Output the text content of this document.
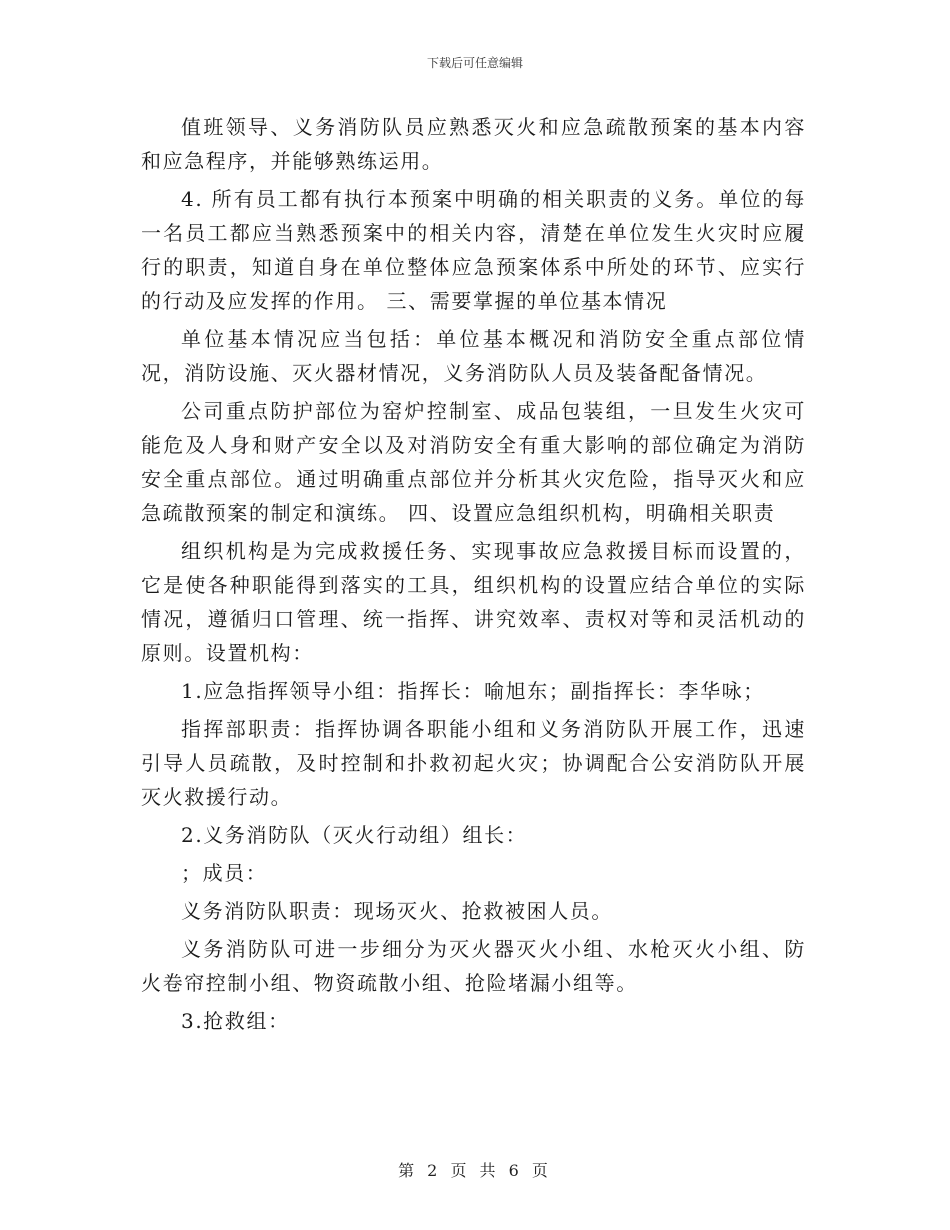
下载后可任意编辑

值班领导、义务消防队员应熟悉灭火和应急疏散预案的基本内容和应急程序，并能够熟练运用。

4. 所有员工都有执行本预案中明确的相关职责的义务。单位的每一名员工都应当熟悉预案中的相关内容，清楚在单位发生火灾时应履行的职责，知道自身在单位整体应急预案体系中所处的环节、应实行的行动及应发挥的作用。 三、需要掌握的单位基本情况

单位基本情况应当包括：单位基本概况和消防安全重点部位情况，消防设施、灭火器材情况，义务消防队人员及装备配备情况。

公司重点防护部位为窑炉控制室、成品包装组，一旦发生火灾可能危及人身和财产安全以及对消防安全有重大影响的部位确定为消防安全重点部位。通过明确重点部位并分析其火灾危险，指导灭火和应急疏散预案的制定和演练。 四、设置应急组织机构，明确相关职责

组织机构是为完成救援任务、实现事故应急救援目标而设置的，它是使各种职能得到落实的工具，组织机构的设置应结合单位的实际情况，遵循归口管理、统一指挥、讲究效率、责权对等和灵活机动的原则。设置机构：

1.应急指挥领导小组：指挥长：喻旭东；副指挥长：李华咏；

指挥部职责：指挥协调各职能小组和义务消防队开展工作，迅速引导人员疏散，及时控制和扑救初起火灾；协调配合公安消防队开展灭火救援行动。

2.义务消防队（灭火行动组）组长：

；成员：

义务消防队职责：现场灭火、抢救被困人员。

义务消防队可进一步细分为灭火器灭火小组、水枪灭火小组、防火卷帘控制小组、物资疏散小组、抢险堵漏小组等。

3.抢救组：

第 2 页 共 6 页
